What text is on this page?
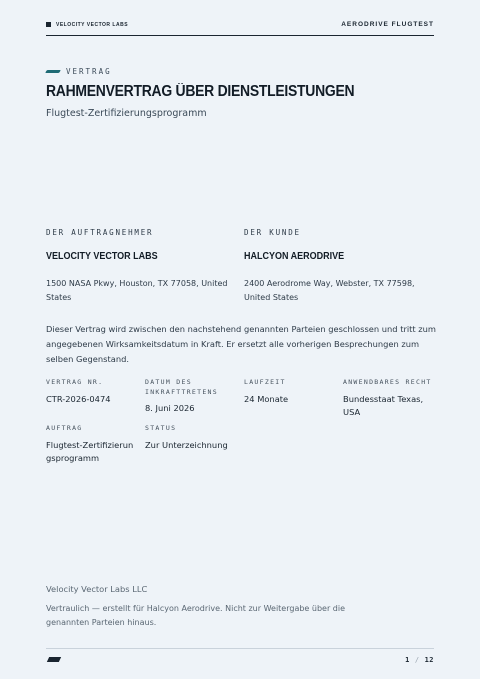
VELOCITY VECTOR LABS	AERODRIVE FLUGTEST
VERTRAG
RAHMENVERTRAG ÜBER DIENSTLEISTUNGEN
Flugtest-Zertifizierungsprogramm
DER AUFTRAGNEHMER
VELOCITY VECTOR LABS
1500 NASA Pkwy, Houston, TX 77058, United States
DER KUNDE
HALCYON AERODRIVE
2400 Aerodrome Way, Webster, TX 77598, United States

Dieser Vertrag wird zwischen den nachstehend genannten Parteien geschlossen und tritt zum angegebenen Wirksamkeitsdatum in Kraft. Er ersetzt alle vorherigen Besprechungen zum selben Gegenstand.

VERTRAG NR.
CTR-2026-0474
DATUM DES INKRAFTTRETENS
8. Juni 2026
LAUFZEIT
24 Monate
ANWENDBARES RECHT
Bundesstaat Texas, USA
AUFTRAG
Flugtest-Zertifizierungsprogramm
STATUS
Zur Unterzeichnung
Velocity Vector Labs LLC
Vertraulich — erstellt für Halcyon Aerodrive. Nicht zur Weitergabe über die genannten Parteien hinaus.
1 / 12
